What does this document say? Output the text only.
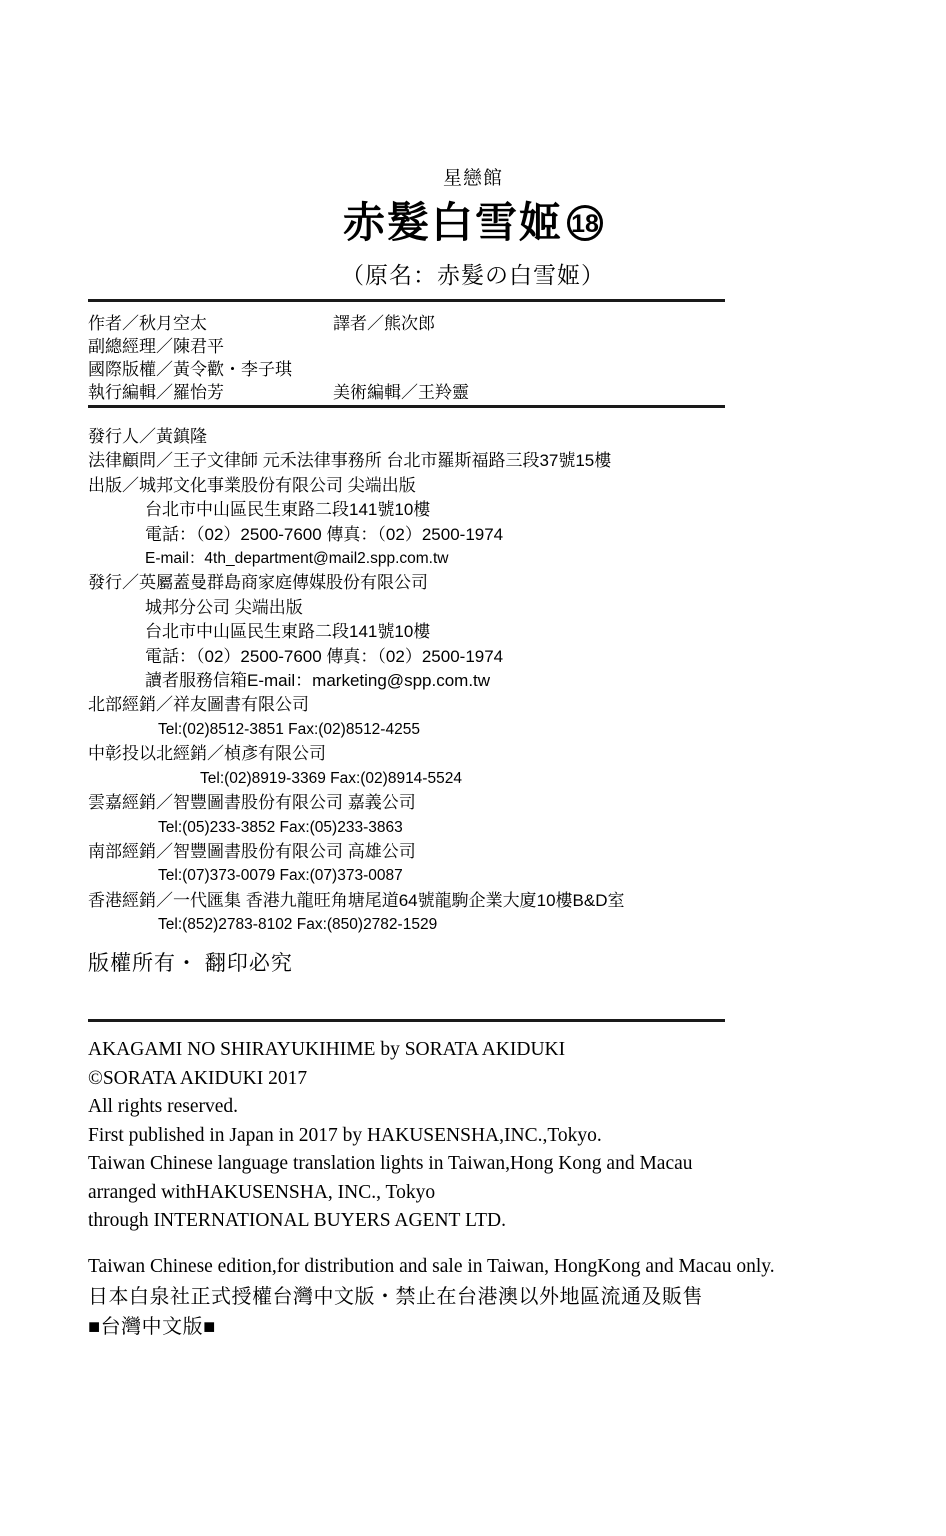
星戀館
赤髮白雪姬 18
（原名：赤髮の白雪姬）
作者／秋月空太	譯者／熊次郎
副總經理／陳君平
國際版權／黃令歡・李子琪
執行編輯／羅怡芳	美術編輯／王羚靈
發行人／黃鎮隆
法律顧問／王子文律師 元禾法律事務所 台北市羅斯福路三段37號15樓
出版／城邦文化事業股份有限公司 尖端出版
台北市中山區民生東路二段141號10樓
電話：（02）2500-7600 傳真：（02）2500-1974
E-mail：4th_department@mail2.spp.com.tw
發行／英屬蓋曼群島商家庭傳媒股份有限公司
城邦分公司 尖端出版
台北市中山區民生東路二段141號10樓
電話：（02）2500-7600 傳真：（02）2500-1974
讀者服務信箱E-mail：marketing@spp.com.tw
北部經銷／祥友圖書有限公司
Tel:(02)8512-3851 Fax:(02)8512-4255
中彰投以北經銷／楨彥有限公司
Tel:(02)8919-3369 Fax:(02)8914-5524
雲嘉經銷／智豐圖書股份有限公司 嘉義公司
Tel:(05)233-3852 Fax:(05)233-3863
南部經銷／智豐圖書股份有限公司 高雄公司
Tel:(07)373-0079 Fax:(07)373-0087
香港經銷／一代匯集 香港九龍旺角塘尾道64號龍駒企業大廈10樓B&D室
Tel:(852)2783-8102 Fax:(850)2782-1529
版權所有・ 翻印必究
AKAGAMI NO SHIRAYUKIHIME by SORATA AKIDUKI
©SORATA AKIDUKI 2017
All rights reserved.
First published in Japan in 2017 by HAKUSENSHA,INC.,Tokyo.
Taiwan Chinese language translation lights in Taiwan,Hong Kong and Macau
arranged withHAKUSENSHA, INC., Tokyo
through INTERNATIONAL BUYERS AGENT LTD.
Taiwan Chinese edition,for distribution and sale in Taiwan, HongKong and Macau only.
日本白泉社正式授權台灣中文版・禁止在台港澳以外地區流通及販售
■台灣中文版■
